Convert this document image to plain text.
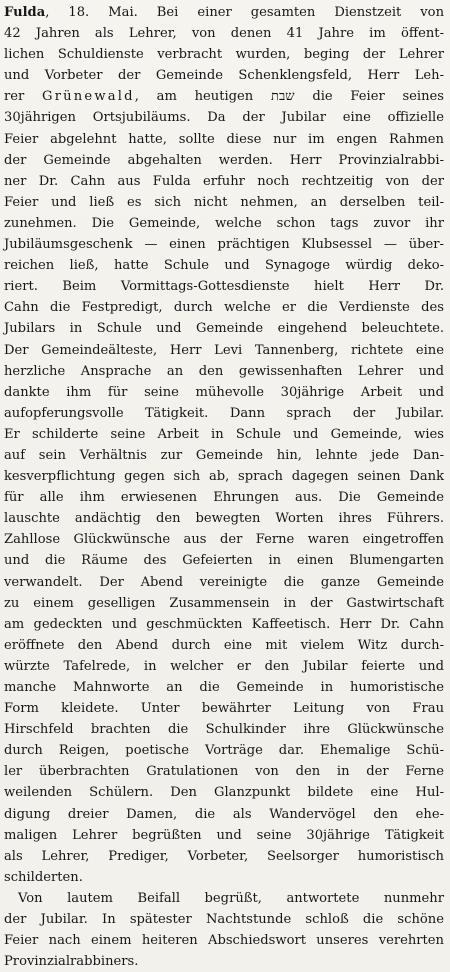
Fulda, 18. Mai. Bei einer gesamten Dienstzeit von
42 Jahren als Lehrer, von denen 41 Jahre im öffent-
lichen Schuldienste verbracht wurden, beging der Lehrer
und Vorbeter der Gemeinde Schenklengsfeld, Herr Leh-
rer Grünewald, am heutigen שבת die Feier seines
30jährigen Ortsjubiläums. Da der Jubilar eine offizielle
Feier abgelehnt hatte, sollte diese nur im engen Rahmen
der Gemeinde abgehalten werden. Herr Provinzialrabbi-
ner Dr. Cahn aus Fulda erfuhr noch rechtzeitig von der
Feier und ließ es sich nicht nehmen, an derselben teil-
zunehmen. Die Gemeinde, welche schon tags zuvor ihr
Jubiläumsgeschenk — einen prächtigen Klubsessel — über-
reichen ließ, hatte Schule und Synagoge würdig deko-
riert. Beim Vormittags-Gottesdienste hielt Herr Dr.
Cahn die Festpredigt, durch welche er die Verdienste des
Jubilars in Schule und Gemeinde eingehend beleuchtete.
Der Gemeindeälteste, Herr Levi Tannenberg, richtete eine
herzliche Ansprache an den gewissenhaften Lehrer und
dankte ihm für seine mühevolle 30jährige Arbeit und
aufopferungsvolle Tätigkeit. Dann sprach der Jubilar.
Er schilderte seine Arbeit in Schule und Gemeinde, wies
auf sein Verhältnis zur Gemeinde hin, lehnte jede Dan-
kesverpflichtung gegen sich ab, sprach dagegen seinen Dank
für alle ihm erwiesenen Ehrungen aus. Die Gemeinde
lauschte andächtig den bewegten Worten ihres Führers.
Zahllose Glückwünsche aus der Ferne waren eingetroffen
und die Räume des Gefeierten in einen Blumengarten
verwandelt. Der Abend vereinigte die ganze Gemeinde
zu einem geselligen Zusammensein in der Gastwirtschaft
am gedeckten und geschmückten Kaffeetisch. Herr Dr. Cahn
eröffnete den Abend durch eine mit vielem Witz durch-
würzte Tafelrede, in welcher er den Jubilar feierte und
manche Mahnworte an die Gemeinde in humoristische
Form kleidete. Unter bewährter Leitung von Frau
Hirschfeld brachten die Schulkinder ihre Glückwünsche
durch Reigen, poetische Vorträge dar. Ehemalige Schü-
ler überbrachten Gratulationen von den in der Ferne
weilenden Schülern. Den Glanzpunkt bildete eine Hul-
digung dreier Damen, die als Wandervögel den ehe-
maligen Lehrer begrüßten und seine 30jährige Tätigkeit
als Lehrer, Prediger, Vorbeter, Seelsorger humoristisch
schilderten.
Von lautem Beifall begrüßt, antwortete nunmehr
der Jubilar. In spätester Nachtstunde schloß die schöne
Feier nach einem heiteren Abschiedswort unseres verehrten
Provinzialrabbiners.
